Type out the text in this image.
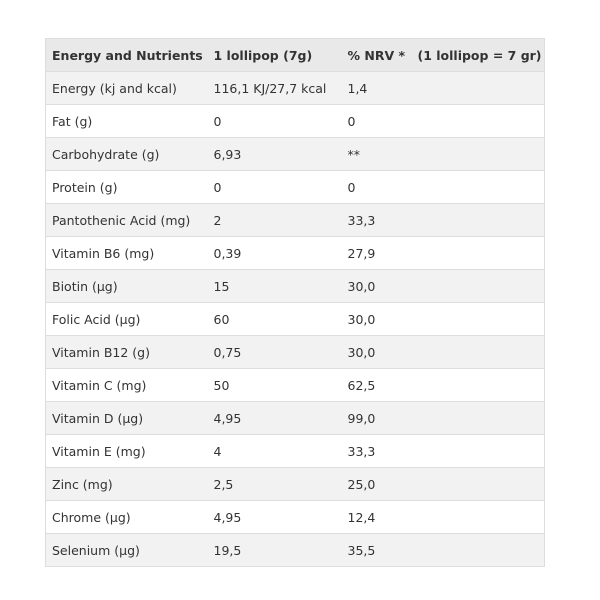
Energy and Nutrients	1 lollipop (7g)	% NRV *	(1 lollipop = 7 gr)
Energy (kj and kcal)	116,1 KJ/27,7 kcal	1,4	
Fat (g)	0	0	
Carbohydrate (g)	6,93	**	
Protein (g)	0	0	
Pantothenic Acid (mg)	2	33,3	
Vitamin B6 (mg)	0,39	27,9	
Biotin (µg)	15	30,0	
Folic Acid (µg)	60	30,0	
Vitamin B12 (g)	0,75	30,0	
Vitamin C (mg)	50	62,5	
Vitamin D (µg)	4,95	99,0	
Vitamin E (mg)	4	33,3	
Zinc (mg)	2,5	25,0	
Chrome (µg)	4,95	12,4	
Selenium (µg)	19,5	35,5	
